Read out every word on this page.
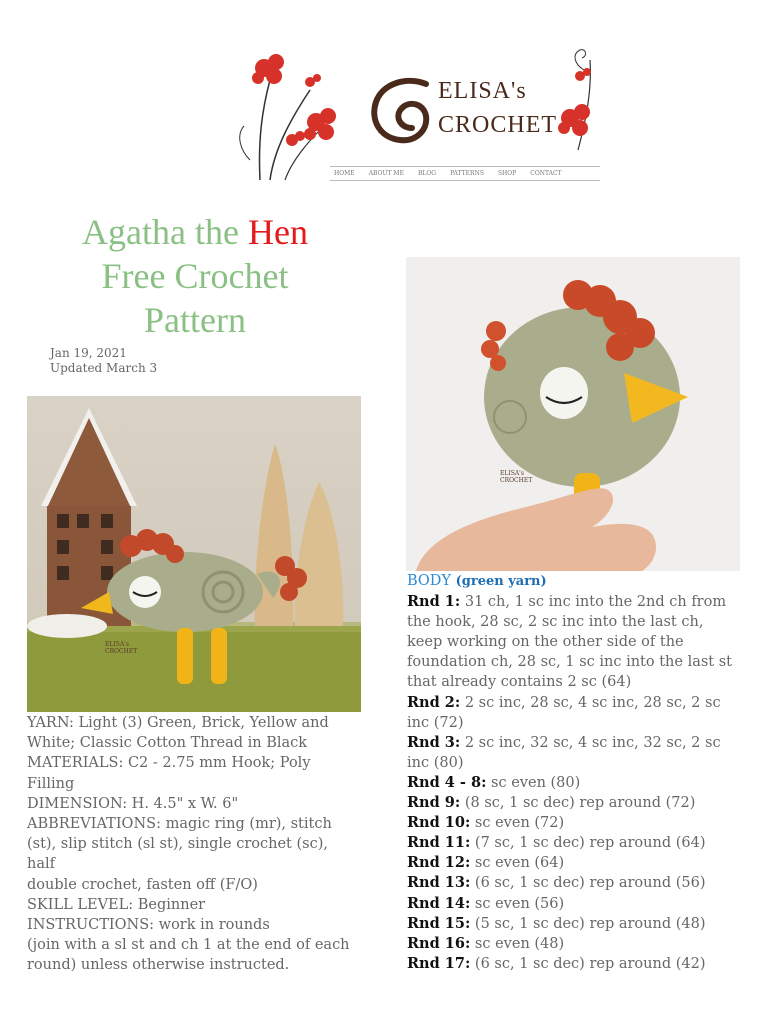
ELISA's
CROCHET
HOME ABOUT ME BLOG PATTERNS SHOP CONTACT
Agatha the Hen
Free Crochet
Pattern
Jan 19, 2021
Updated March 3
ELISA's
CROCHET
ELISA's
CROCHET
YARN: Light (3) Green, Brick, Yellow and
White; Classic Cotton Thread in Black
MATERIALS: C2 - 2.75 mm Hook; Poly
Filling
DIMENSION: H. 4.5" x W. 6"
ABBREVIATIONS: magic ring (mr), stitch
(st), slip stitch (sl st), single crochet (sc), half
double crochet, fasten off (F/O)
SKILL LEVEL: Beginner
INSTRUCTIONS: work in rounds
(join with a sl st and ch 1 at the end of each
round) unless otherwise instructed.
BODY (green yarn)
Rnd 1: 31 ch, 1 sc inc into the 2nd ch from the hook, 28 sc, 2 sc inc into the last ch, keep working on the other side of the foundation ch, 28 sc, 1 sc inc into the last st that already contains 2 sc (64)
Rnd 2: 2 sc inc, 28 sc, 4 sc inc, 28 sc, 2 sc inc (72)
Rnd 3: 2 sc inc, 32 sc, 4 sc inc, 32 sc, 2 sc inc (80)
Rnd 4 - 8: sc even (80)
Rnd 9: (8 sc, 1 sc dec) rep around (72)
Rnd 10: sc even (72)
Rnd 11: (7 sc, 1 sc dec) rep around (64)
Rnd 12: sc even (64)
Rnd 13: (6 sc, 1 sc dec) rep around (56)
Rnd 14: sc even (56)
Rnd 15: (5 sc, 1 sc dec) rep around (48)
Rnd 16: sc even (48)
Rnd 17: (6 sc, 1 sc dec) rep around (42)
